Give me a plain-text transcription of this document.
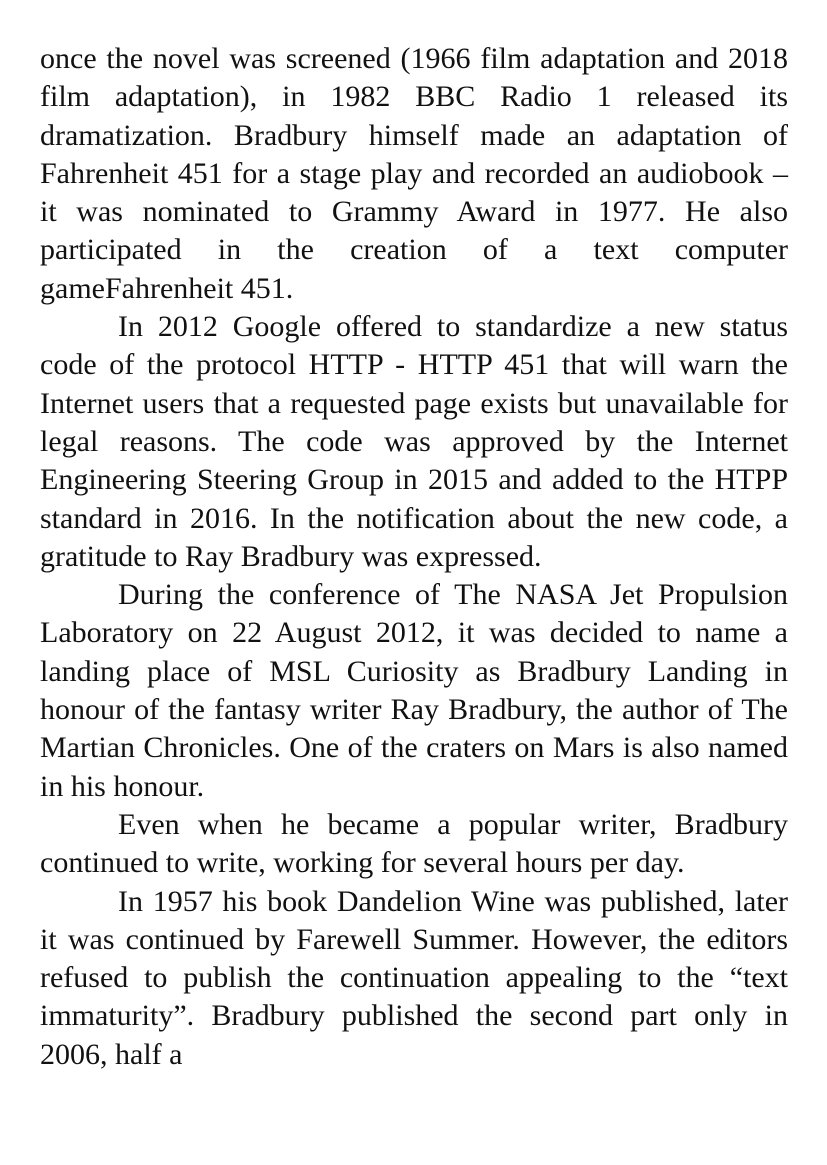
once the novel was screened (1966 film adaptation and 2018 film adaptation), in 1982 BBC Radio 1 released its dramatization. Bradbury himself made an adaptation of Fahrenheit 451 for a stage play and recorded an audiobook – it was nominated to Grammy Award in 1977. He also participated in the creation of a text computer gameFahrenheit 451.

In 2012 Google offered to standardize a new status code of the protocol HTTP - HTTP 451 that will warn the Internet users that a requested page exists but unavailable for legal reasons. The code was approved by the Internet Engineering Steering Group in 2015 and added to the HTPP standard in 2016. In the notification about the new code, a gratitude to Ray Bradbury was expressed.

During the conference of The NASA Jet Propulsion Laboratory on 22 August 2012, it was decided to name a landing place of MSL Curiosity as Bradbury Landing in honour of the fantasy writer Ray Bradbury, the author of The Martian Chronicles. One of the craters on Mars is also named in his honour.

Even when he became a popular writer, Bradbury continued to write, working for several hours per day.

In 1957 his book Dandelion Wine was published, later it was continued by Farewell Summer. However, the editors refused to publish the continuation appealing to the “text immaturity”. Bradbury published the second part only in 2006, half a
